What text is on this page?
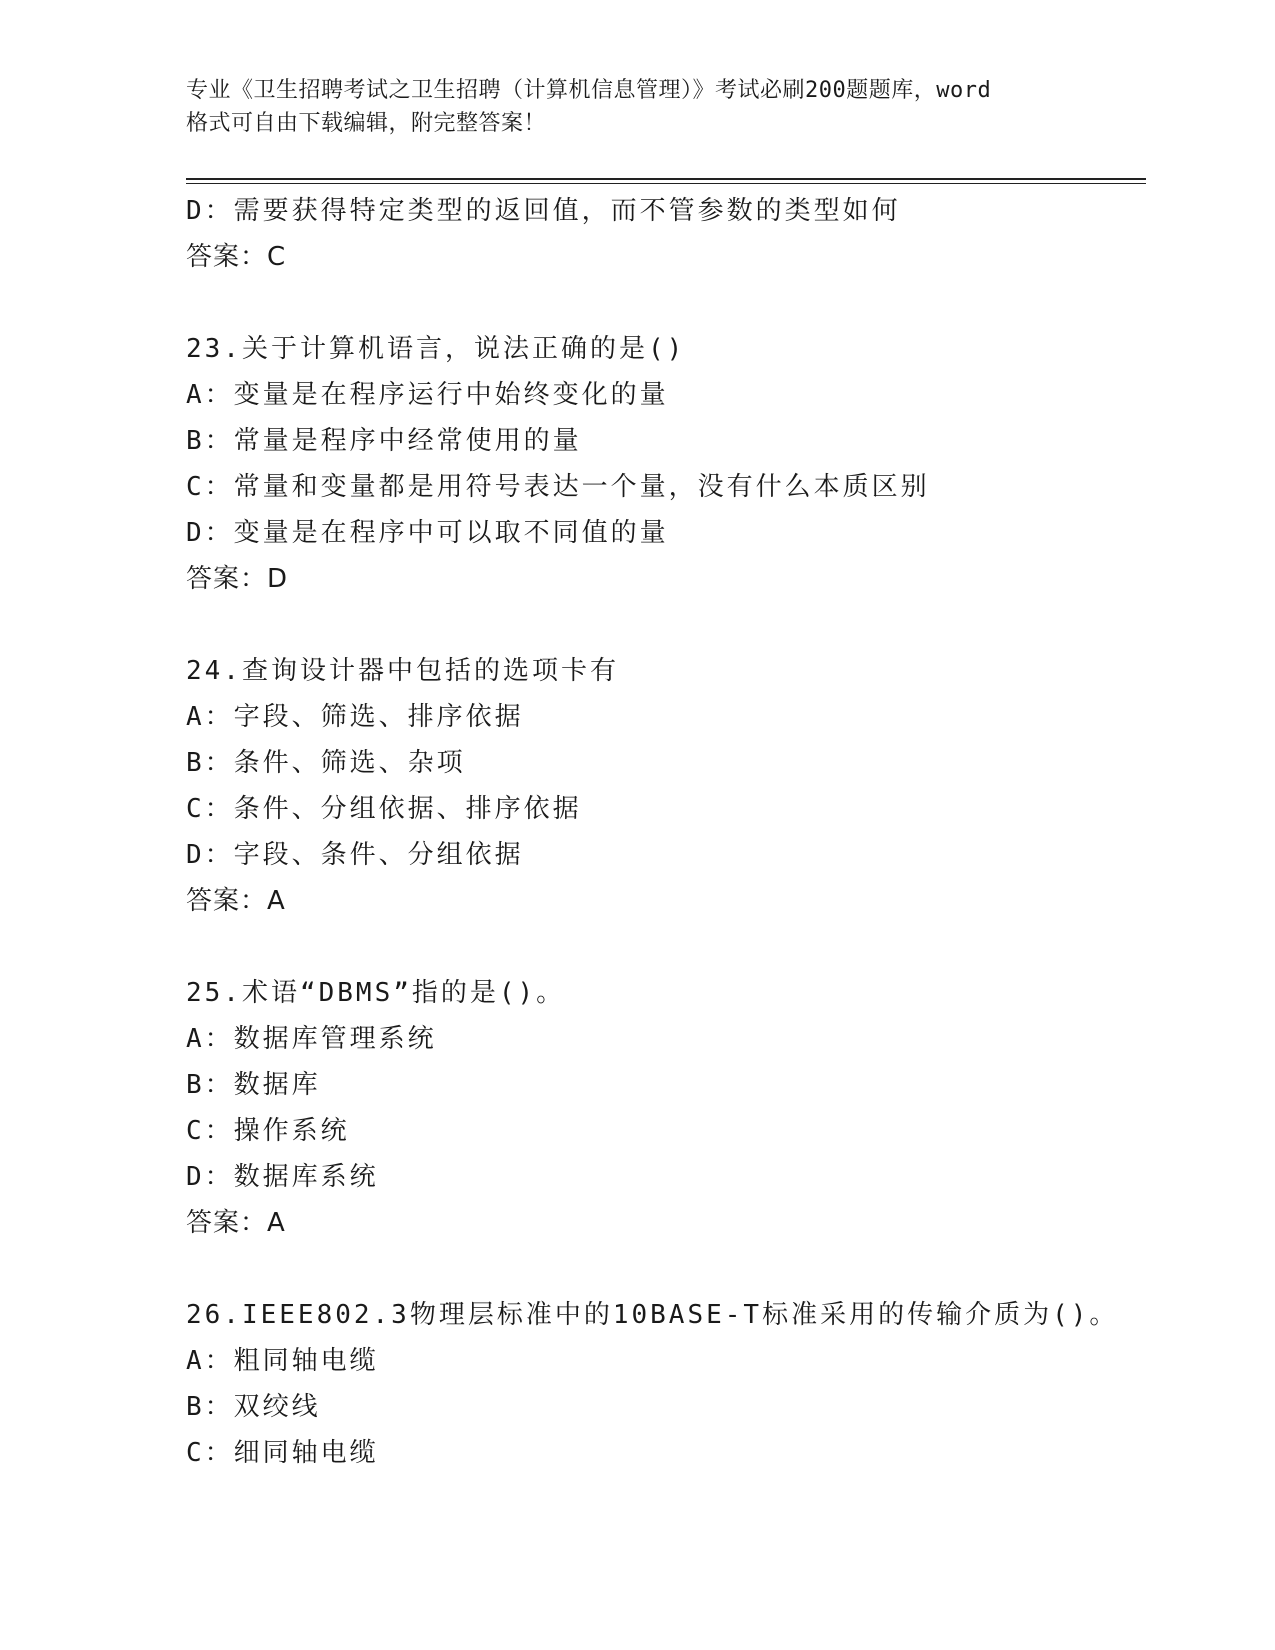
专业《卫生招聘考试之卫生招聘（计算机信息管理）》考试必刷200题题库，word
格式可自由下载编辑，附完整答案！
D：需要获得特定类型的返回值，而不管参数的类型如何
答案：C
23.关于计算机语言，说法正确的是()
A：变量是在程序运行中始终变化的量
B：常量是程序中经常使用的量
C：常量和变量都是用符号表达一个量，没有什么本质区别
D：变量是在程序中可以取不同值的量
答案：D
24.查询设计器中包括的选项卡有
A：字段、筛选、排序依据
B：条件、筛选、杂项
C：条件、分组依据、排序依据
D：字段、条件、分组依据
答案：A
25.术语“DBMS”指的是()。
A：数据库管理系统
B：数据库
C：操作系统
D：数据库系统
答案：A
26.IEEE802.3物理层标准中的10BASE-T标准采用的传输介质为()。
A：粗同轴电缆
B：双绞线
C：细同轴电缆
